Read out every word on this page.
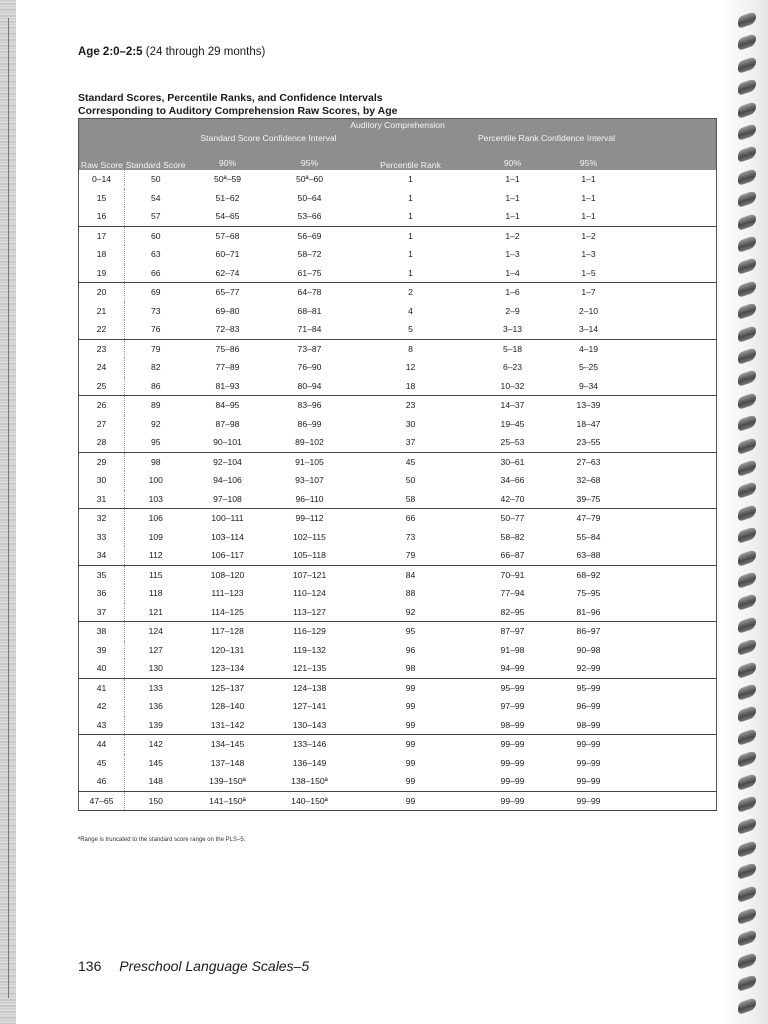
Age 2:0–2:5 (24 through 29 months)
Standard Scores, Percentile Ranks, and Confidence Intervals
Corresponding to Auditory Comprehension Raw Scores, by Age
Auditory Comprehension							
		Standard Score Confidence Interval			Percentile Rank Confidence Interval		

Raw Score Standard Score				Percentile Rank			
		90%	95%		90%	95%	
0–14	50	50ª–59	50ª–60	1	1–1	1–1	
15	54	51–62	50–64	1	1–1	1–1	
16	57	54–65	53–66	1	1–1	1–1	
17	60	57–68	56–69	1	1–2	1–2	
18	63	60–71	58–72	1	1–3	1–3	
19	66	62–74	61–75	1	1–4	1–5	
20	69	65–77	64–78	2	1–6	1–7	
21	73	69–80	68–81	4	2–9	2–10	
22	76	72–83	71–84	5	3–13	3–14	
23	79	75–86	73–87	8	5–18	4–19	
24	82	77–89	76–90	12	6–23	5–25	
25	86	81–93	80–94	18	10–32	9–34	
26	89	84–95	83–96	23	14–37	13–39	
27	92	87–98	86–99	30	19–45	18–47	
28	95	90–101	89–102	37	25–53	23–55	
29	98	92–104	91–105	45	30–61	27–63	
30	100	94–106	93–107	50	34–66	32–68	
31	103	97–108	96–110	58	42–70	39–75	
32	106	100–111	99–112	66	50–77	47–79	
33	109	103–114	102–115	73	58–82	55–84	
34	112	106–117	105–118	79	66–87	63–88	
35	115	108–120	107–121	84	70–91	68–92	
36	118	111–123	110–124	88	77–94	75–95	
37	121	114–125	113–127	92	82–95	81–96	
38	124	117–128	116–129	95	87–97	86–97	
39	127	120–131	119–132	96	91–98	90–98	
40	130	123–134	121–135	98	94–99	92–99	
41	133	125–137	124–138	99	95–99	95–99	
42	136	128–140	127–141	99	97–99	96–99	
43	139	131–142	130–143	99	98–99	98–99	
44	142	134–145	133–146	99	99–99	99–99	
45	145	137–148	136–149	99	99–99	99–99	
46	148	139–150ª	138–150ª	99	99–99	99–99	
47–65	150	141–150ª	140–150ª	99	99–99	99–99	
ªRange is truncated to the standard score range on the PLS–5.
136 Preschool Language Scales–5
